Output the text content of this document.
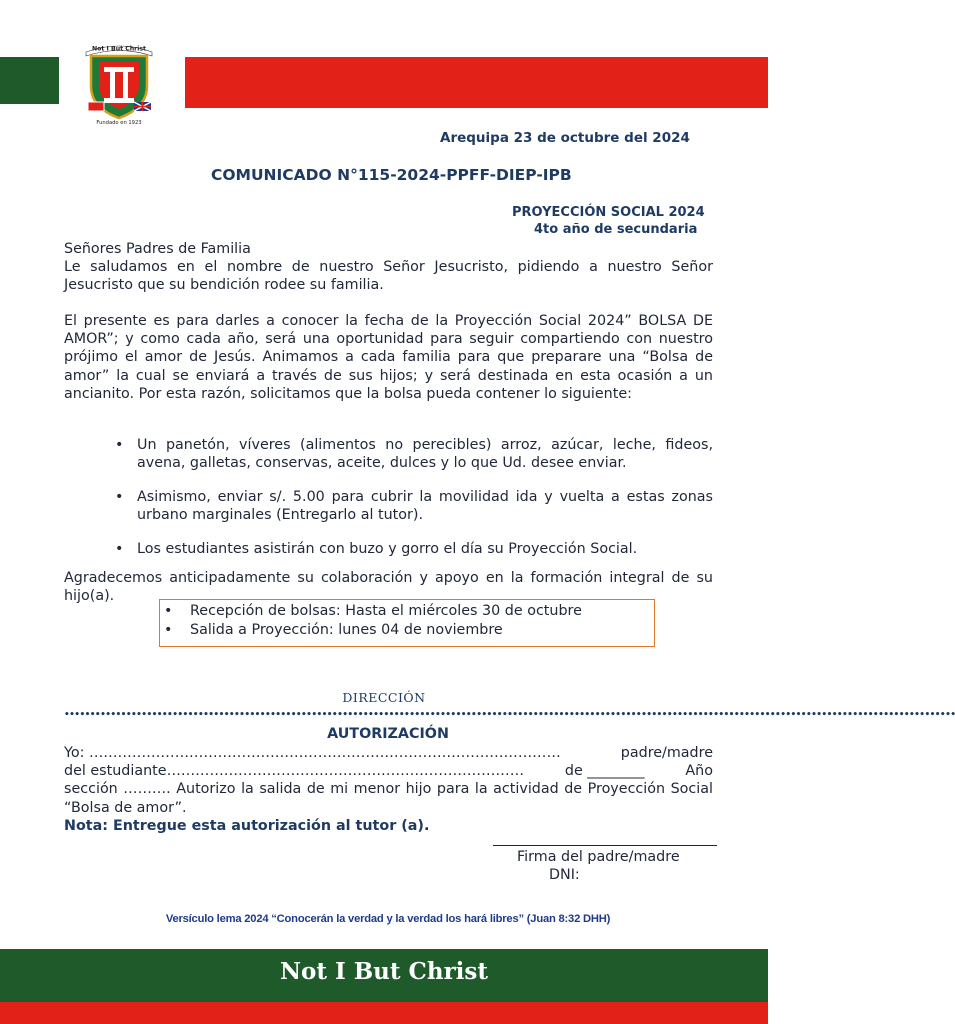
Not I But Christ
Fundado en 1923
Arequipa 23 de octubre del 2024
COMUNICADO N°115-2024-PPFF-DIEP-IPB
PROYECCIÓN SOCIAL 2024
4to año de secundaria
Señores Padres de Familia
Le saludamos en el nombre de nuestro Señor Jesucristo, pidiendo a nuestro Señor Jesucristo que su bendición rodee su familia.
El presente es para darles a conocer la fecha de la Proyección Social 2024” BOLSA DE AMOR”; y como cada año, será una oportunidad para seguir compartiendo con nuestro prójimo el amor de Jesús. Animamos a cada familia para que preparare una “Bolsa de amor” la cual se enviará a través de sus hijos; y será destinada en esta ocasión a un ancianito. Por esta razón, solicitamos que la bolsa pueda contener lo siguiente:
• Un panetón, víveres (alimentos no perecibles) arroz, azúcar, leche, fideos, avena, galletas, conservas, aceite, dulces y lo que Ud. desee enviar.
• Asimismo, enviar s/. 5.00 para cubrir la movilidad ida y vuelta a estas zonas urbano marginales (Entregarlo al tutor).
• Los estudiantes asistirán con buzo y gorro el día su Proyección Social.
Agradecemos anticipadamente su colaboración y apoyo en la formación integral de su hijo(a).
• Recepción de bolsas: Hasta el miércoles 30 de octubre
• Salida a Proyección: lunes 04 de noviembre
DIRECCIÓN
•••••••••••••••••••••••••••••••••••••••••••••••••••••••••••••••••••••••••••••••••••••••••••••••••••••••••••••••••••••••••••••••••••••••••••••••••••••••••••••••••••••••••••••
AUTORIZACIÓN
Yo: ………………………………………………………………………………………	padre/madre
del estudiante…………………………………………………………………	de ________	Año
sección ………. Autorizo la salida de mi menor hijo para la actividad de Proyección Social “Bolsa de amor”.
Nota: Entregue esta autorización al tutor (a).
Firma del padre/madre
DNI:
Versículo lema 2024 “Conocerán la verdad y la verdad los hará libres” (Juan 8:32 DHH)
Not I But Christ
